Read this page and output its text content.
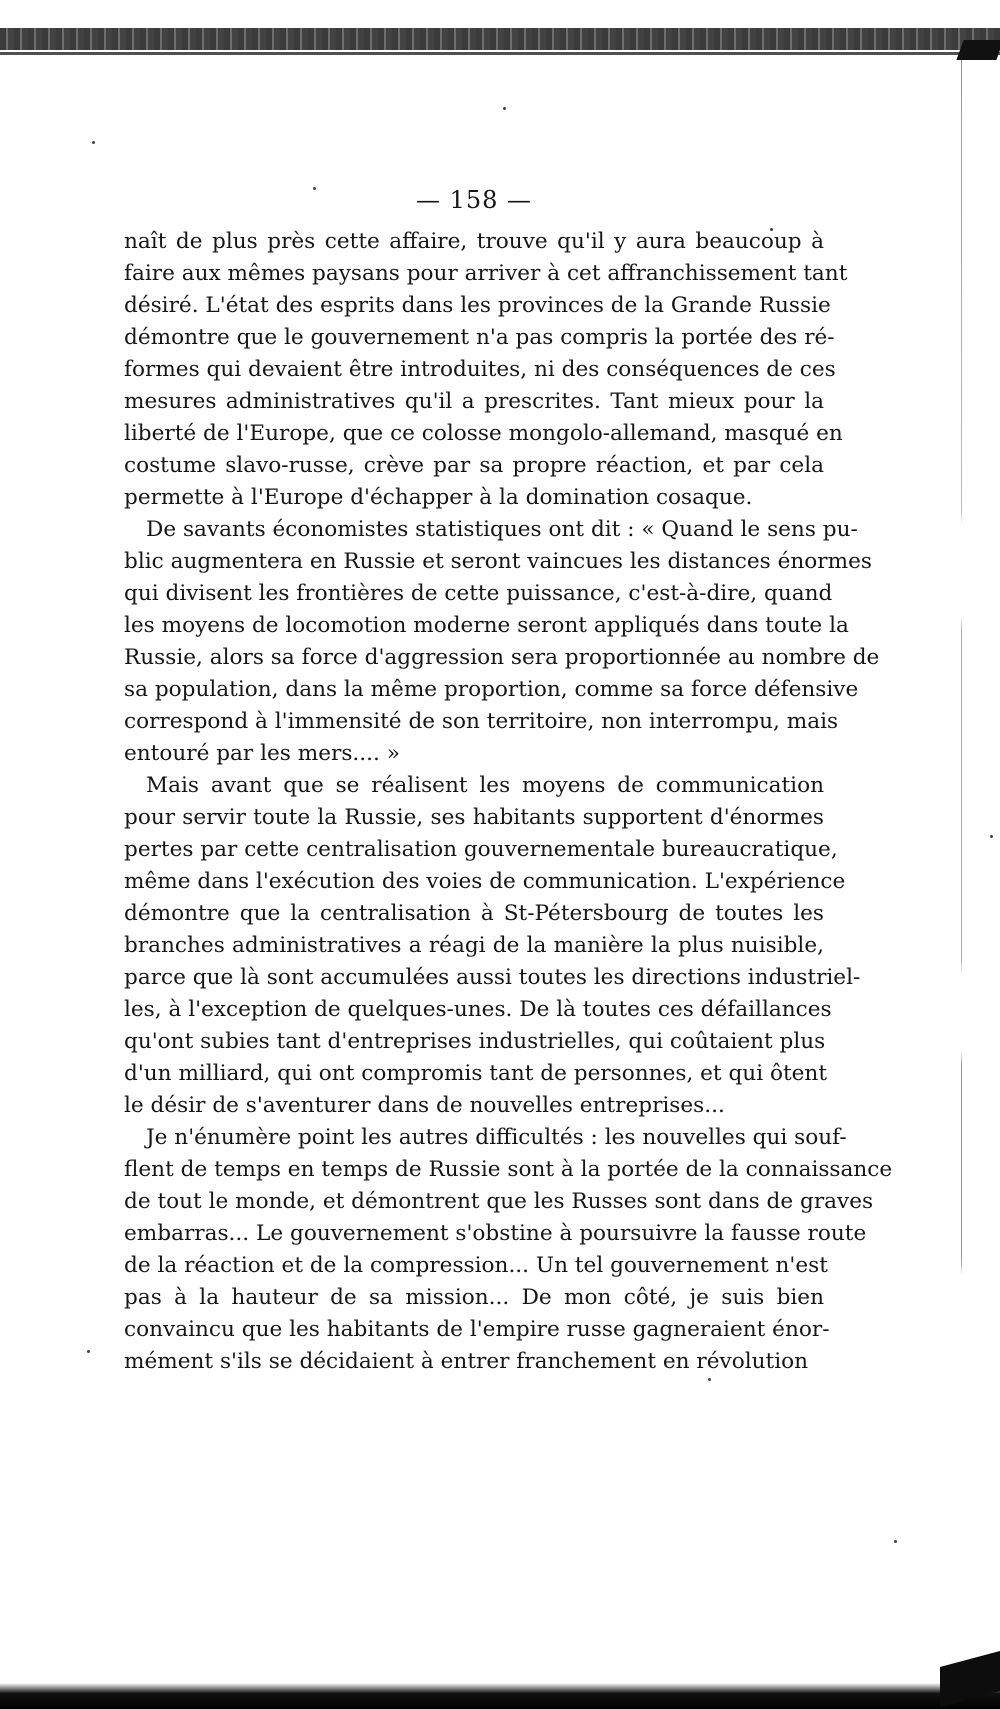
— 158 —

naît de plus près cette affaire, trouve qu'il y aura beaucoup à
faire aux mêmes paysans pour arriver à cet affranchissement tant
désiré. L'état des esprits dans les provinces de la Grande Russie
démontre que le gouvernement n'a pas compris la portée des ré-
formes qui devaient être introduites, ni des conséquences de ces
mesures administratives qu'il a prescrites. Tant mieux pour la
liberté de l'Europe, que ce colosse mongolo-allemand, masqué en
costume slavo-russe, crève par sa propre réaction, et par cela
permette à l'Europe d'échapper à la domination cosaque.

De savants économistes statistiques ont dit : « Quand le sens pu-
blic augmentera en Russie et seront vaincues les distances énormes
qui divisent les frontières de cette puissance, c'est-à-dire, quand
les moyens de locomotion moderne seront appliqués dans toute la
Russie, alors sa force d'aggression sera proportionnée au nombre de
sa population, dans la même proportion, comme sa force défensive
correspond à l'immensité de son territoire, non interrompu, mais
entouré par les mers.... »

Mais avant que se réalisent les moyens de communication
pour servir toute la Russie, ses habitants supportent d'énormes
pertes par cette centralisation gouvernementale bureaucratique,
même dans l'exécution des voies de communication. L'expérience
démontre que la centralisation à St-Pétersbourg de toutes les
branches administratives a réagi de la manière la plus nuisible,
parce que là sont accumulées aussi toutes les directions industriel-
les, à l'exception de quelques-unes. De là toutes ces défaillances
qu'ont subies tant d'entreprises industrielles, qui coûtaient plus
d'un milliard, qui ont compromis tant de personnes, et qui ôtent
le désir de s'aventurer dans de nouvelles entreprises...

Je n'énumère point les autres difficultés : les nouvelles qui souf-
flent de temps en temps de Russie sont à la portée de la connaissance
de tout le monde, et démontrent que les Russes sont dans de graves
embarras... Le gouvernement s'obstine à poursuivre la fausse route
de la réaction et de la compression... Un tel gouvernement n'est
pas à la hauteur de sa mission... De mon côté, je suis bien
convaincu que les habitants de l'empire russe gagneraient énor-
mément s'ils se décidaient à entrer franchement en révolution
